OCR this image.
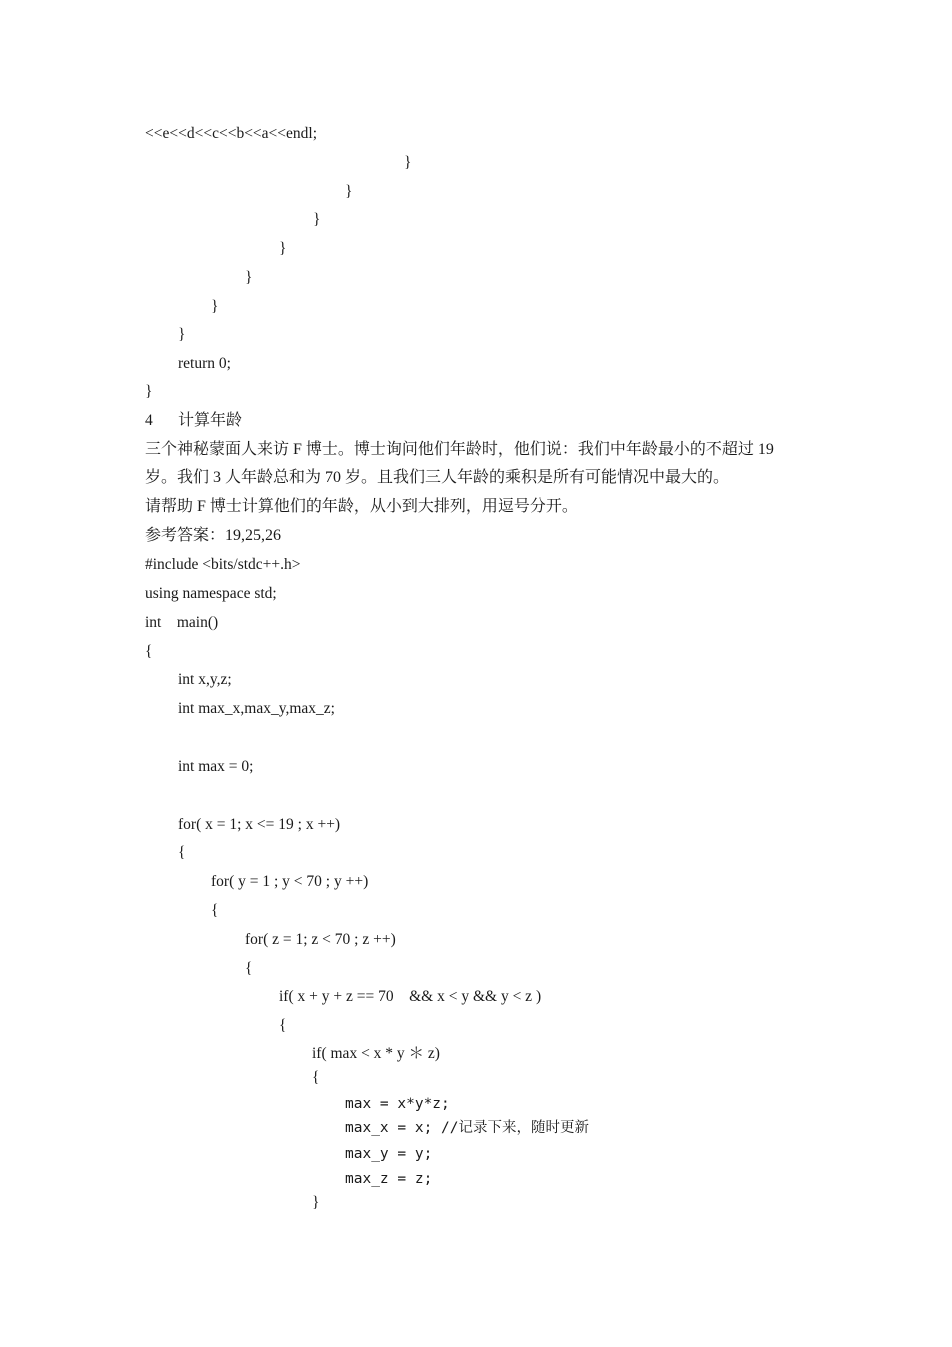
<<e<<d<<c<<b<<a<<endl;
}
}
}
}
}
}
}
return 0;
}
4 计算年龄
三个神秘蒙面人来访 F 博士。博士询问他们年龄时，他们说：我们中年龄最小的不超过 19
岁。我们 3 人年龄总和为 70 岁。且我们三人年龄的乘积是所有可能情况中最大的。
请帮助 F 博士计算他们的年龄，从小到大排列，用逗号分开。
参考答案：19,25,26
#include <bits/stdc++.h>
using namespace std;
int    main()
{
int x,y,z;
int max_x,max_y,max_z;
int max = 0;
for( x = 1; x <= 19 ; x ++)
{
for( y = 1 ; y < 70 ; y ++)
{
for( z = 1; z < 70 ; z ++)
{
if( x + y + z == 70    && x < y && y < z )
{
if( max < x * y ＊ z)
{
max = x*y*z;
max_x = x; //记录下来，随时更新
max_y = y;
max_z = z;
}
